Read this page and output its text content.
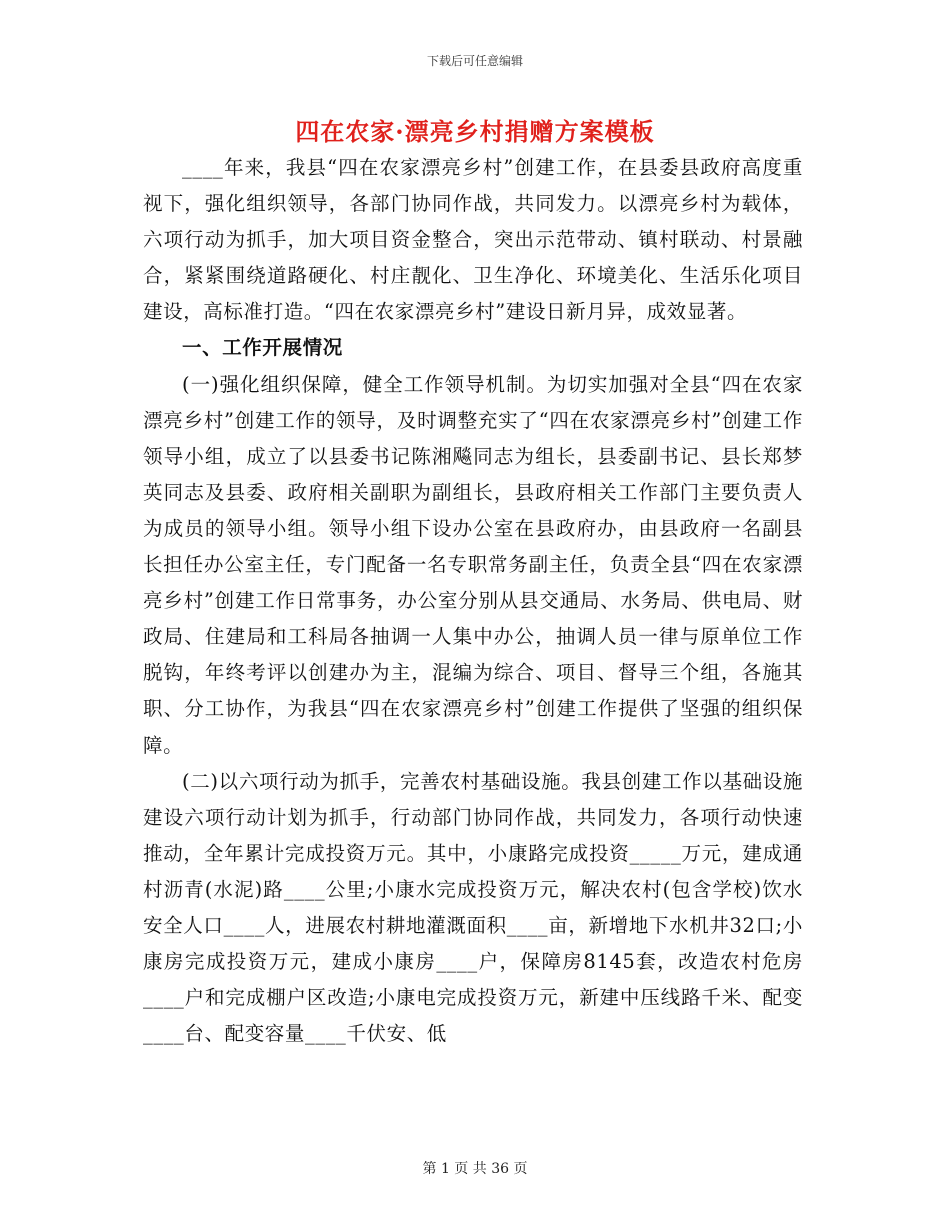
下载后可任意编辑
四在农家·漂亮乡村捐赠方案模板

____年来，我县“四在农家漂亮乡村”创建工作，在县委县政府高度重视下，强化组织领导，各部门协同作战，共同发力。以漂亮乡村为载体，六项行动为抓手，加大项目资金整合，突出示范带动、镇村联动、村景融合，紧紧围绕道路硬化、村庄靓化、卫生净化、环境美化、生活乐化项目建设，高标准打造。“四在农家漂亮乡村”建设日新月异，成效显著。

一、工作开展情况

(一)强化组织保障，健全工作领导机制。为切实加强对全县“四在农家漂亮乡村”创建工作的领导，及时调整充实了“四在农家漂亮乡村”创建工作领导小组，成立了以县委书记陈湘飚同志为组长，县委副书记、县长郑梦英同志及县委、政府相关副职为副组长，县政府相关工作部门主要负责人为成员的领导小组。领导小组下设办公室在县政府办，由县政府一名副县长担任办公室主任，专门配备一名专职常务副主任，负责全县“四在农家漂亮乡村”创建工作日常事务，办公室分别从县交通局、水务局、供电局、财政局、住建局和工科局各抽调一人集中办公，抽调人员一律与原单位工作脱钩，年终考评以创建办为主，混编为综合、项目、督导三个组，各施其职、分工协作，为我县“四在农家漂亮乡村”创建工作提供了坚强的组织保障。

(二)以六项行动为抓手，完善农村基础设施。我县创建工作以基础设施建设六项行动计划为抓手，行动部门协同作战，共同发力，各项行动快速推动，全年累计完成投资万元。其中，小康路完成投资_____万元，建成通村沥青(水泥)路____公里;小康水完成投资万元，解决农村(包含学校)饮水安全人口____人，进展农村耕地灌溉面积____亩，新增地下水机井32口;小康房完成投资万元，建成小康房____户，保障房8145套，改造农村危房____户和完成棚户区改造;小康电完成投资万元，新建中压线路千米、配变____台、配变容量____千伏安、低

第 1 页 共 36 页
